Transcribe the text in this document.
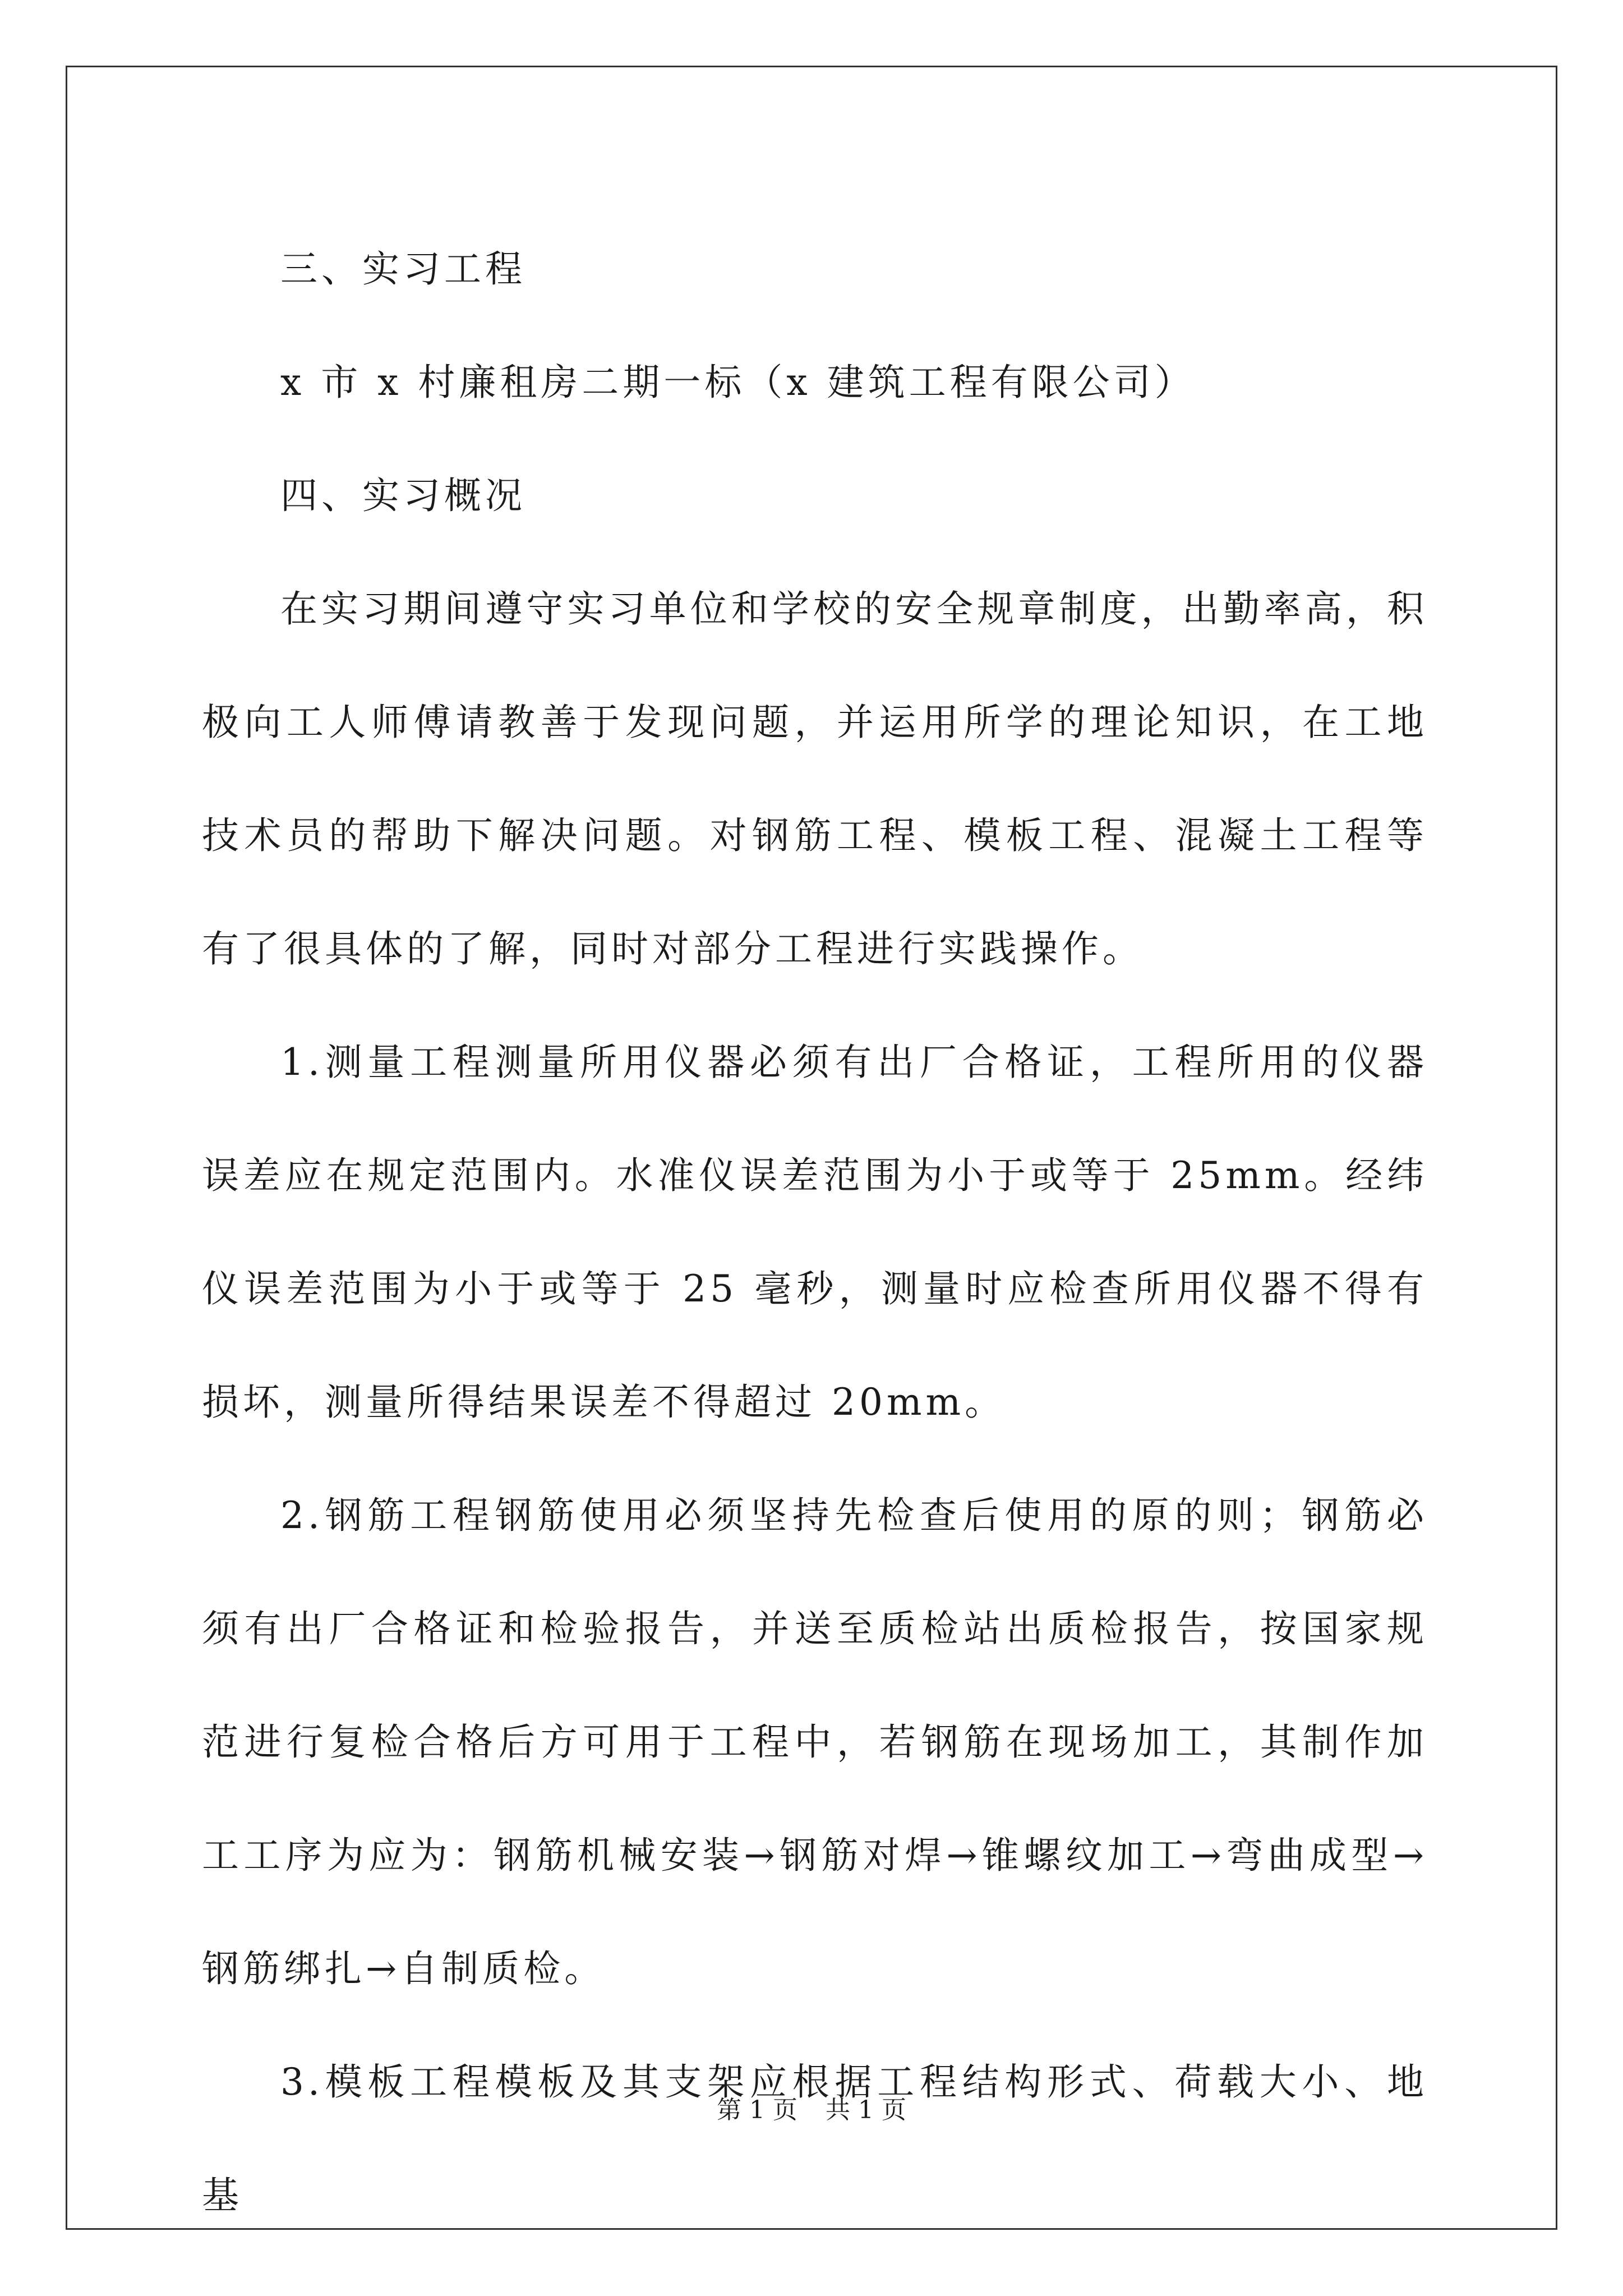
三、实习工程

x 市 x 村廉租房二期一标（x 建筑工程有限公司）

四、实习概况

在实习期间遵守实习单位和学校的安全规章制度，出勤率高，积极向工人师傅请教善于发现问题，并运用所学的理论知识，在工地技术员的帮助下解决问题。对钢筋工程、模板工程、混凝土工程等有了很具体的了解，同时对部分工程进行实践操作。

1.测量工程测量所用仪器必须有出厂合格证，工程所用的仪器误差应在规定范围内。水准仪误差范围为小于或等于 25mm。经纬仪误差范围为小于或等于 25 毫秒，测量时应检查所用仪器不得有损坏，测量所得结果误差不得超过 20mm。

2.钢筋工程钢筋使用必须坚持先检查后使用的原的则；钢筋必须有出厂合格证和检验报告，并送至质检站出质检报告，按国家规范进行复检合格后方可用于工程中，若钢筋在现场加工，其制作加工工序为应为：钢筋机械安装→钢筋对焊→锥螺纹加工→弯曲成型→钢筋绑扎→自制质检。

3.模板工程模板及其支架应根据工程结构形式、荷载大小、地基

第 1 页 共 1 页
